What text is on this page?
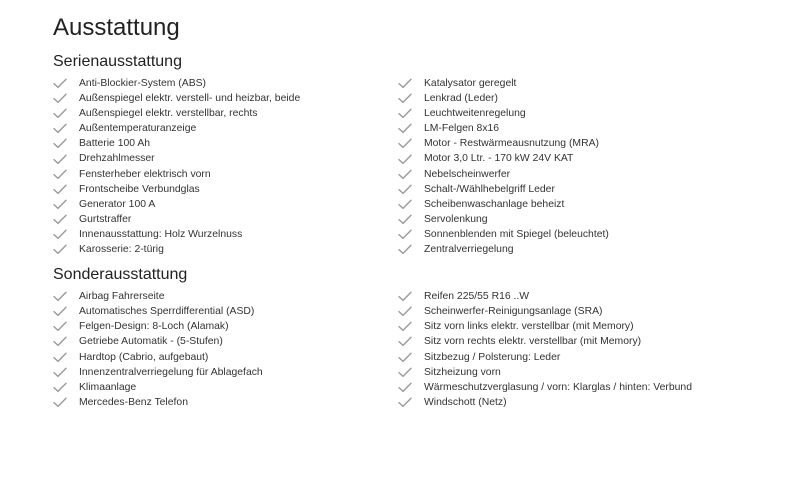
Ausstattung
Serienausstattung
Anti-Blockier-System (ABS)
Außenspiegel elektr. verstell- und heizbar, beide
Außenspiegel elektr. verstellbar, rechts
Außentemperaturanzeige
Batterie 100 Ah
Drehzahlmesser
Fensterheber elektrisch vorn
Frontscheibe Verbundglas
Generator 100 A
Gurtstraffer
Innenausstattung: Holz Wurzelnuss
Karosserie: 2-türig
Katalysator geregelt
Lenkrad (Leder)
Leuchtweitenregelung
LM-Felgen 8x16
Motor - Restwärmeausnutzung (MRA)
Motor 3,0 Ltr. - 170 kW 24V KAT
Nebelscheinwerfer
Schalt-/Wählhebelgriff Leder
Scheibenwaschanlage beheizt
Servolenkung
Sonnenblenden mit Spiegel (beleuchtet)
Zentralverriegelung
Sonderausstattung
Airbag Fahrerseite
Automatisches Sperrdifferential (ASD)
Felgen-Design: 8-Loch (Alamak)
Getriebe Automatik - (5-Stufen)
Hardtop (Cabrio, aufgebaut)
Innenzentralverriegelung für Ablagefach
Klimaanlage
Mercedes-Benz Telefon
Reifen 225/55 R16 ..W
Scheinwerfer-Reinigungsanlage (SRA)
Sitz vorn links elektr. verstellbar (mit Memory)
Sitz vorn rechts elektr. verstellbar (mit Memory)
Sitzbezug / Polsterung: Leder
Sitzheizung vorn
Wärmeschutzverglasung / vorn: Klarglas / hinten: Verbund
Windschott (Netz)
